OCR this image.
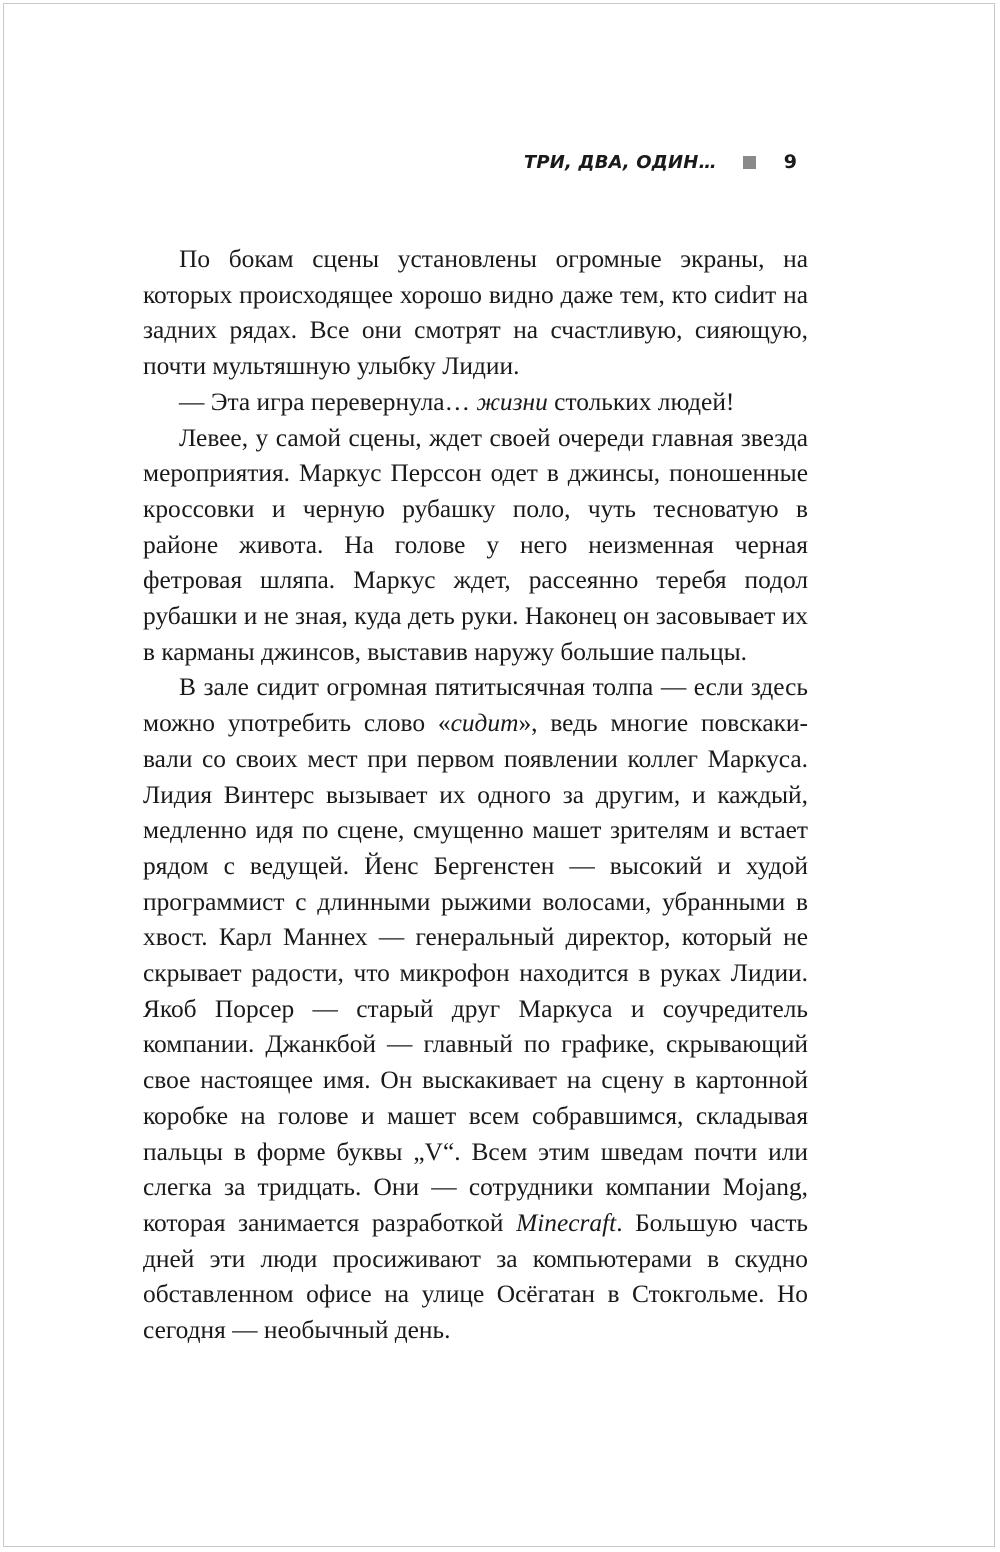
ТРИ, ДВА, ОДИН…	9

По бокам сцены установлены огромные экраны, на которых происходящее хорошо видно даже тем, кто сиdит на задних рядах. Все они смотрят на счастливую, сияющую, почти мультяшную улыбку Лидии.

— Эта игра перевернула… жизни стольких людей!

Левее, у самой сцены, ждет своей очереди главная звезда мероприятия. Маркус Перссон одет в джинсы, поношенные кроссовки и черную рубашку поло, чуть тесноватую в районе живота. На голове у него неизменная черная фетровая шляпа. Маркус ждет, рассеянно теребя подол рубашки и не зная, куда деть руки. Наконец он засовывает их в карманы джинсов, выставив наружу большие пальцы.

В зале сидит огромная пятитысячная толпа — если здесь можно употребить слово «сидит», ведь многие повскакивали со своих мест при первом появлении коллег Маркуса. Лидия Винтерс вызывает их одного за другим, и каждый, медленно идя по сцене, смущенно машет зрителям и встает рядом с ведущей. Йенс Бергенстен — высокий и худой программист с длинными рыжими волосами, убранными в хвост. Карл Маннех — генеральный директор, который не скрывает радости, что микрофон находится в руках Лидии. Якоб Порсер — старый друг Маркуса и соучредитель компании. Джанкбой — главный по графике, скрывающий свое настоящее имя. Он выскакивает на сцену в картонной коробке на голове и машет всем собравшимся, складывая пальцы в форме буквы „V“. Всем этим шведам почти или слегка за тридцать. Они — сотрудники компании Mojang, которая занимается разработкой Minecraft. Большую часть дней эти люди просиживают за компьютерами в скудно обставленном офисе на улице Осёгатан в Стокгольме. Но сегодня — необычный день.
